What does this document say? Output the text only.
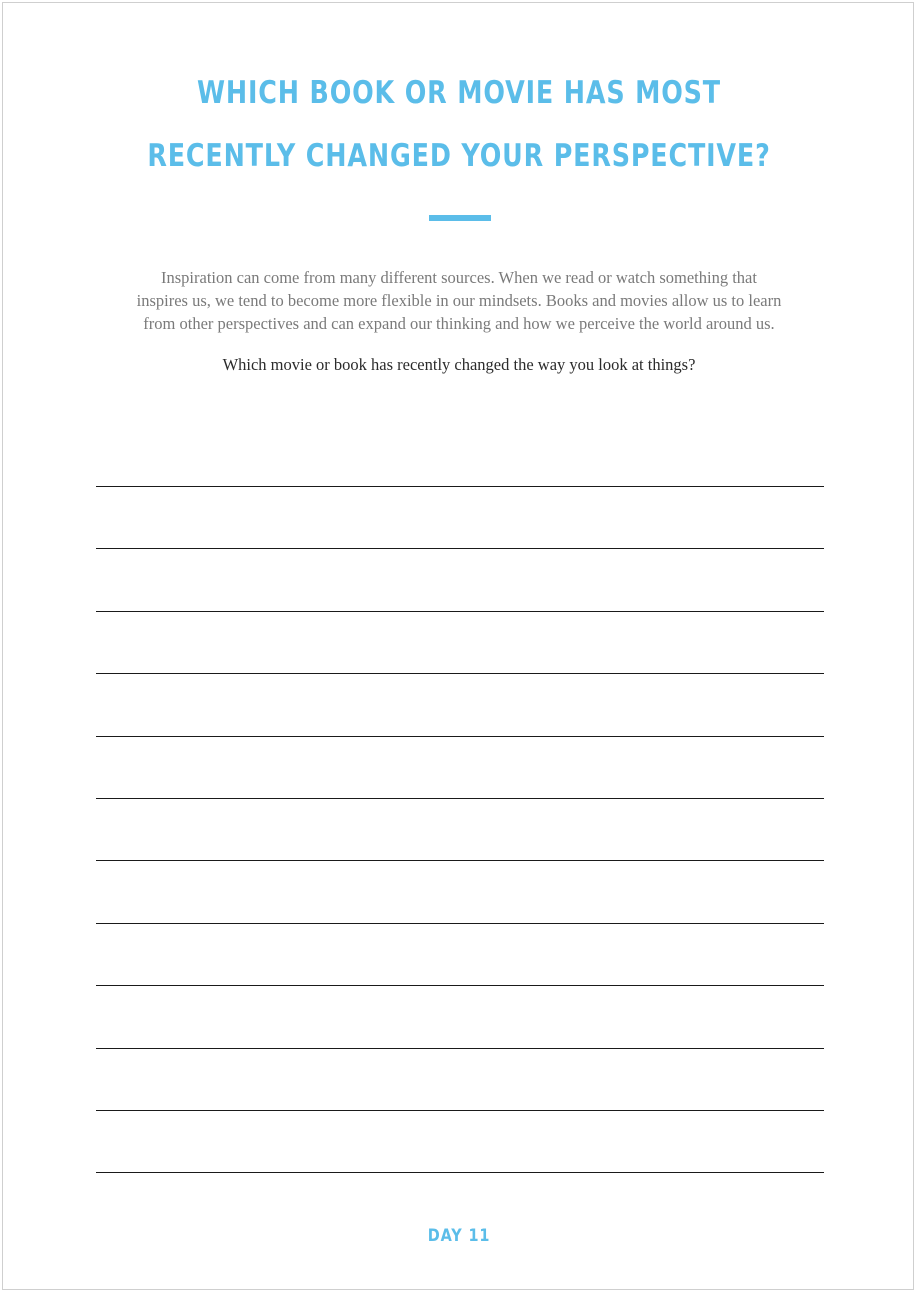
WHICH BOOK OR MOVIE HAS MOST
RECENTLY CHANGED YOUR PERSPECTIVE?
Inspiration can come from many different sources. When we read or watch something that
inspires us, we tend to become more flexible in our mindsets. Books and movies allow us to learn
from other perspectives and can expand our thinking and how we perceive the world around us.
Which movie or book has recently changed the way you look at things?
DAY 11
